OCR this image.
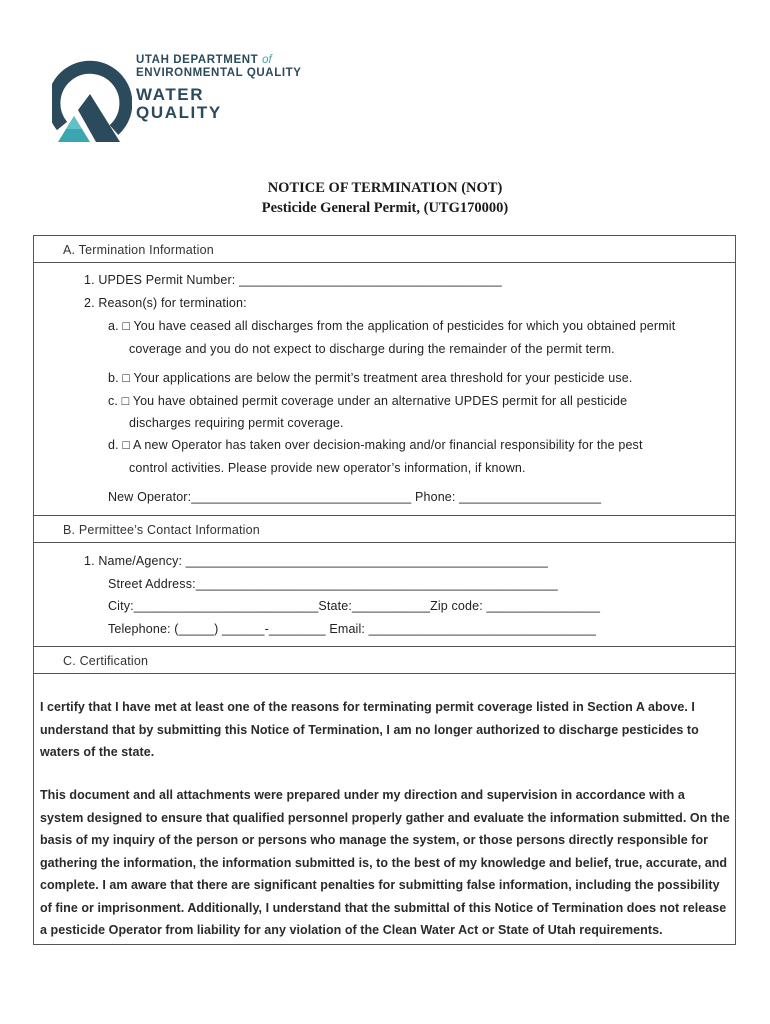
UTAH DEPARTMENT of
ENVIRONMENTAL QUALITY
WATER
QUALITY
NOTICE OF TERMINATION (NOT)
Pesticide General Permit, (UTG170000)
A. Termination Information
1. UPDES Permit Number: _____________________________________
2. Reason(s) for termination:
a. □ You have ceased all discharges from the application of pesticides for which you obtained permit
coverage and you do not expect to discharge during the remainder of the permit term.
b. □ Your applications are below the permit’s treatment area threshold for your pesticide use.
c. □ You have obtained permit coverage under an alternative UPDES permit for all pesticide
discharges requiring permit coverage.
d. □ A new Operator has taken over decision-making and/or financial responsibility for the pest
control activities. Please provide new operator’s information, if known.
New Operator:_______________________________ Phone: ____________________
B. Permittee’s Contact Information
1. Name/Agency: ___________________________________________________
Street Address:___________________________________________________
City:__________________________State:___________Zip code: ________________
Telephone: (_____) ______-________ Email: ________________________________
C. Certification
I certify that I have met at least one of the reasons for terminating permit coverage listed in Section A above. I understand that by submitting this Notice of Termination, I am no longer authorized to discharge pesticides to waters of the state.
This document and all attachments were prepared under my direction and supervision in accordance with a system designed to ensure that qualified personnel properly gather and evaluate the information submitted. On the basis of my inquiry of the person or persons who manage the system, or those persons directly responsible for gathering the information, the information submitted is, to the best of my knowledge and belief, true, accurate, and complete. I am aware that there are significant penalties for submitting false information, including the possibility of fine or imprisonment. Additionally, I understand that the submittal of this Notice of Termination does not release a pesticide Operator from liability for any violation of the Clean Water Act or State of Utah requirements.
